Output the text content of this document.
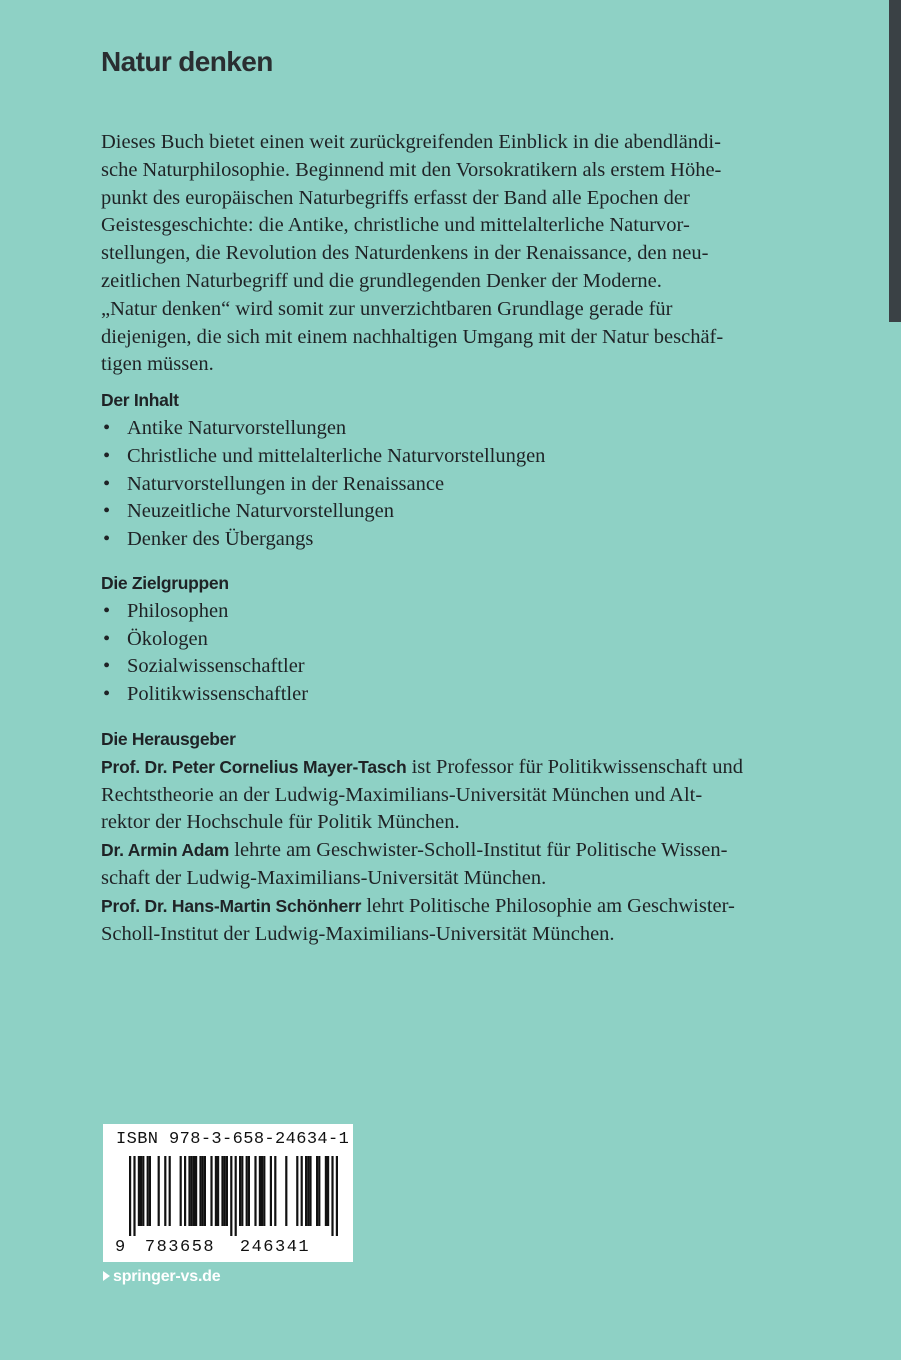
Natur denken

Dieses Buch bietet einen weit zurückgreifenden Einblick in die abendländi-
sche Naturphilosophie. Beginnend mit den Vorsokratikern als erstem Höhe-
punkt des europäischen Naturbegriffs erfasst der Band alle Epochen der
Geistesgeschichte: die Antike, christliche und mittelalterliche Naturvor-
stellungen, die Revolution des Naturdenkens in der Renaissance, den neu-
zeitlichen Naturbegriff und die grundlegenden Denker der Moderne.
„Natur denken“ wird somit zur unverzichtbaren Grundlage gerade für
diejenigen, die sich mit einem nachhaltigen Umgang mit der Natur beschäf-
tigen müssen.

Der Inhalt
• Antike Naturvorstellungen
• Christliche und mittelalterliche Naturvorstellungen
• Naturvorstellungen in der Renaissance
• Neuzeitliche Naturvorstellungen
• Denker des Übergangs
Die Zielgruppen
• Philosophen
• Ökologen
• Sozialwissenschaftler
• Politikwissenschaftler
Die Herausgeber

Prof. Dr. Peter Cornelius Mayer-Tasch ist Professor für Politikwissenschaft und
Rechtstheorie an der Ludwig-Maximilians-Universität München und Alt-
rektor der Hochschule für Politik München.

Dr. Armin Adam lehrte am Geschwister-Scholl-Institut für Politische Wissen-
schaft der Ludwig-Maximilians-Universität München.

Prof. Dr. Hans-Martin Schönherr lehrt Politische Philosophie am Geschwister-
Scholl-Institut der Ludwig-Maximilians-Universität München.

ISBN 978-3-658-24634-1
9 783658 246341
springer-vs.de
